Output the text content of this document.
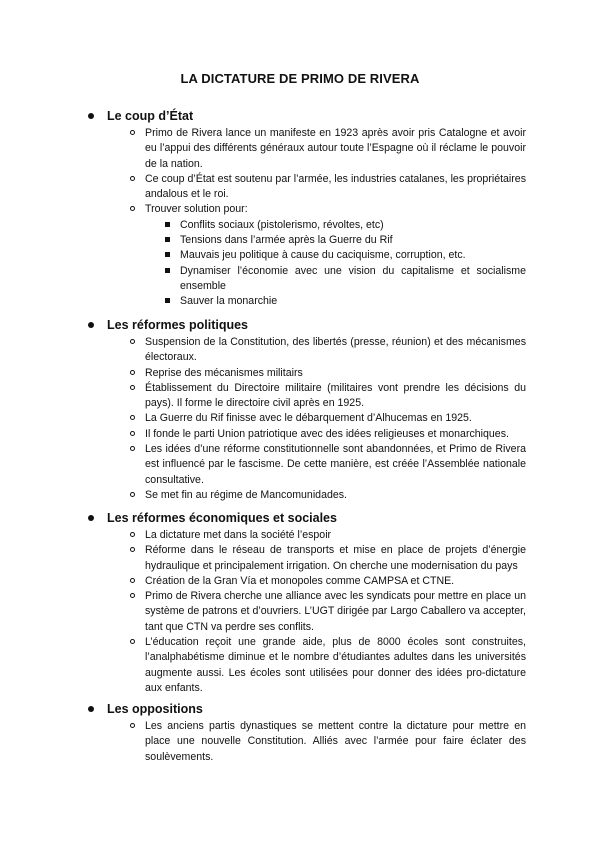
LA DICTATURE DE PRIMO DE RIVERA
Le coup d’État
Primo de Rivera lance un manifeste en 1923 après avoir pris Catalogne et avoir eu l’appui des différents généraux autour toute l’Espagne où il réclame le pouvoir de la nation.
Ce coup d’État est soutenu par l’armée, les industries catalanes, les propriétaires andalous et le roi.
Trouver solution pour:
Conflits sociaux (pistolerismo, révoltes, etc)
Tensions dans l’armée après la Guerre du Rif
Mauvais jeu politique à cause du caciquisme, corruption, etc.
Dynamiser l’économie avec une vision du capitalisme et socialisme ensemble
Sauver la monarchie
Les réformes politiques
Suspension de la Constitution, des libertés (presse, réunion) et des mécanismes électoraux.
Reprise des mécanismes militairs
Établissement du Directoire militaire (militaires vont prendre les décisions du pays). Il forme le directoire civil après en 1925.
La Guerre du Rif finisse avec le débarquement d’Alhucemas en 1925.
Il fonde le parti Union patriotique avec des idées religieuses et monarchiques.
Les idées d’une réforme constitutionnelle sont abandonnées, et Primo de Rivera est influencé par le fascisme. De cette manière, est créée l’Assemblée nationale consultative.
Se met fin au régime de Mancomunidades.
Les réformes économiques et sociales
La dictature met dans la société l’espoir
Réforme dans le réseau de transports et mise en place de projets d’énergie hydraulique et principalement irrigation. On cherche une modernisation du pays
Création de la Gran Vía et monopoles comme CAMPSA et CTNE.
Primo de Rivera cherche une alliance avec les syndicats pour mettre en place un système de patrons et d’ouvriers. L’UGT dirigée par Largo Caballero va accepter, tant que CTN va perdre ses conflits.
L’éducation reçoit une grande aide, plus de 8000 écoles sont construites, l’analphabétisme diminue et le nombre d’étudiantes adultes dans les universités augmente aussi. Les écoles sont utilisées pour donner des idées pro-dictature aux enfants.
Les oppositions
Les anciens partis dynastiques se mettent contre la dictature pour mettre en place une nouvelle Constitution. Alliés avec l’armée pour faire éclater des soulèvements.
